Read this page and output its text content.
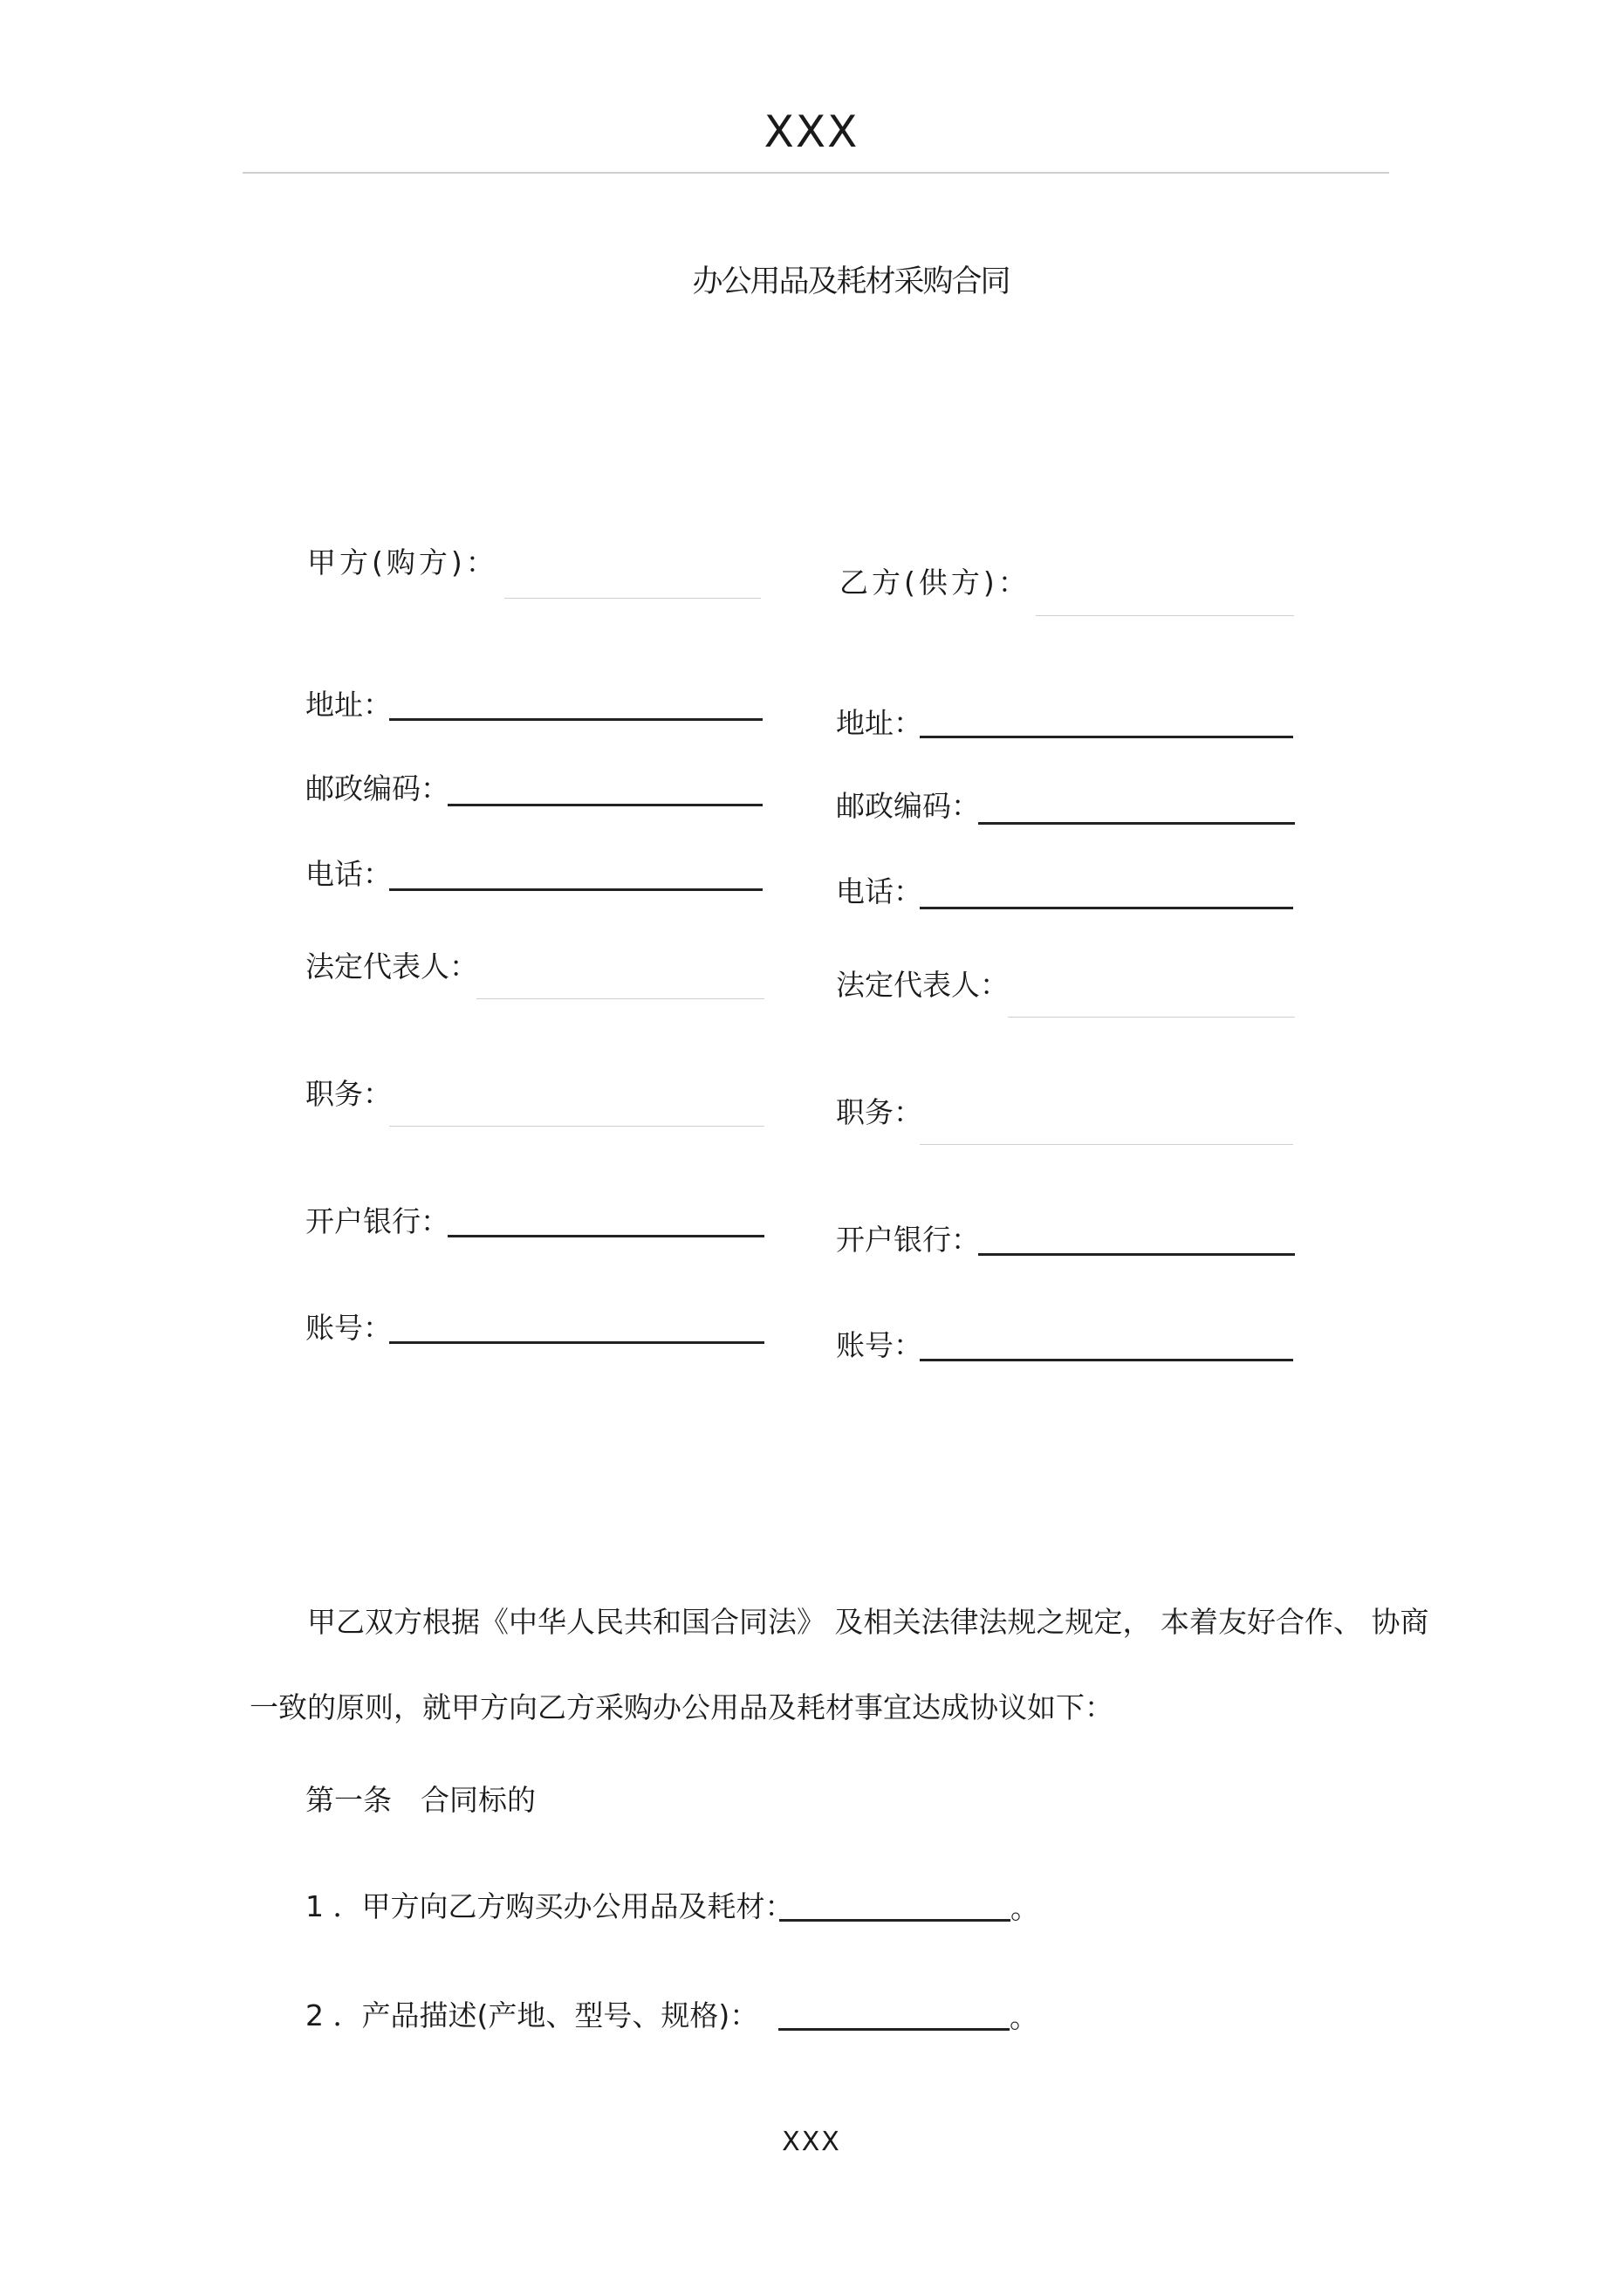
XXX
办公用品及耗材采购合同
甲方(购方)：
地址：
邮政编码：
电话：
法定代表人：
职务：
开户银行：
账号：
乙方(供方)：
地址：
邮政编码：
电话：
法定代表人：
职务：
开户银行：
账号：
甲乙双方根据《中华人民共和国合同法》 及相关法律法规之规定， 本着友好合作、 协商
一致的原则，就甲方向乙方采购办公用品及耗材事宜达成协议如下：
第一条　合同标的
1 ．甲方向乙方购买办公用品及耗材：	。
2 ．产品描述(产地、型号、规格)：	。
XXX
